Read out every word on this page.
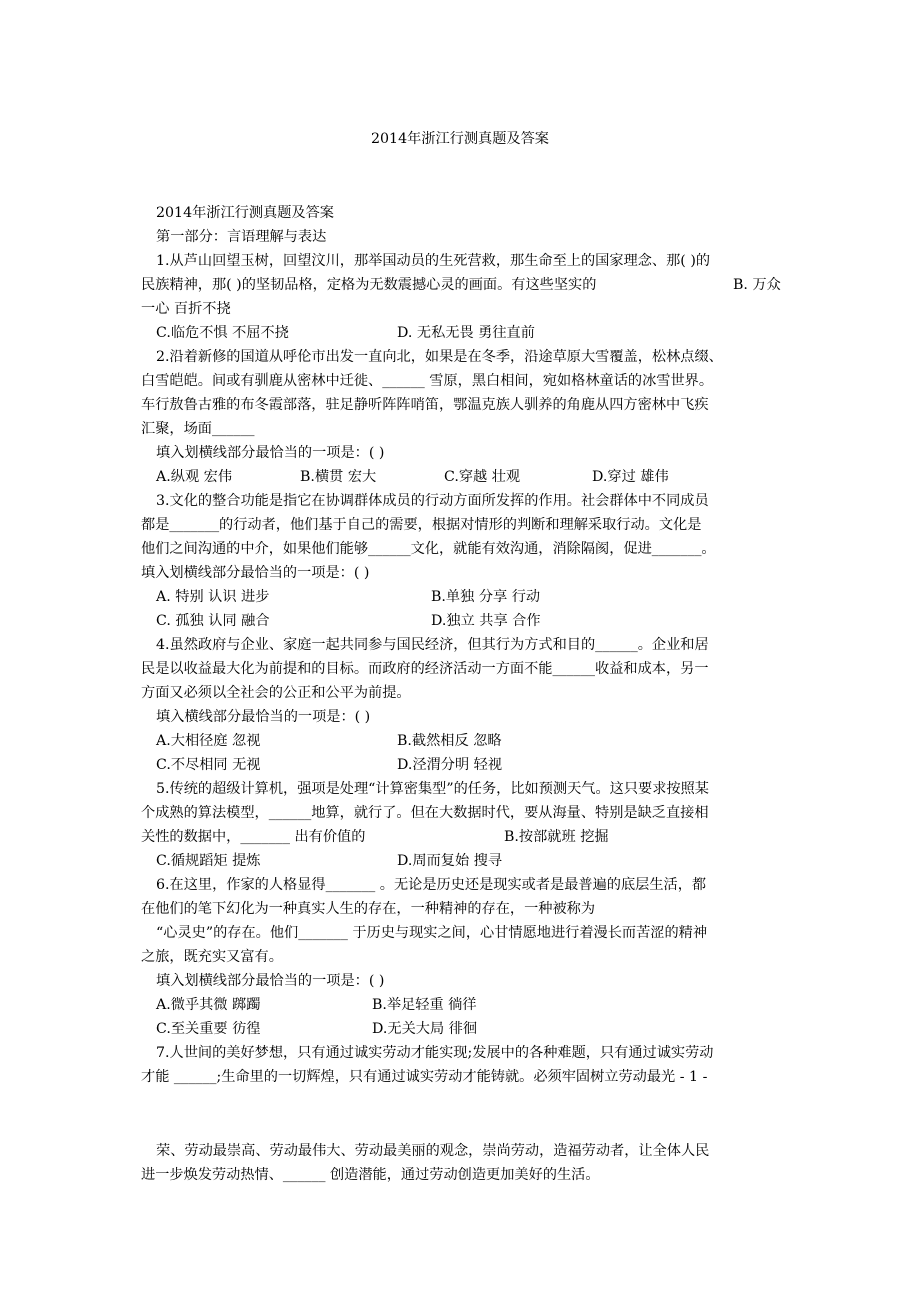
2014年浙江行测真题及答案
2014年浙江行测真题及答案
第一部分：言语理解与表达
1.从芦山回望玉树，回望汶川，那举国动员的生死营救，那生命至上的国家理念、那( )的
民族精神，那( )的坚韧品格，定格为无数震撼心灵的画面。有这些坚实的	B. 万众
一心 百折不挠
C.临危不惧 不屈不挠	D. 无私无畏 勇往直前
2.沿着新修的国道从呼伦市出发一直向北，如果是在冬季，沿途草原大雪覆盖，松林点缀、
白雪皑皑。间或有驯鹿从密林中迁徙、______ 雪原，黑白相间，宛如格林童话的冰雪世界。
车行敖鲁古雅的布冬霞部落，驻足静听阵阵哨笛，鄂温克族人驯养的角鹿从四方密林中飞疾
汇聚，场面______
填入划横线部分最恰当的一项是：( )
A.纵观 宏伟	B.横贯 宏大	C.穿越 壮观	D.穿过 雄伟
3.文化的整合功能是指它在协调群体成员的行动方面所发挥的作用。社会群体中不同成员
都是_______的行动者，他们基于自己的需要，根据对情形的判断和理解采取行动。文化是
他们之间沟通的中介，如果他们能够______文化，就能有效沟通，消除隔阂，促进_______。
填入划横线部分最恰当的一项是：( )
A. 特别 认识 进步	B.单独 分享 行动
C. 孤独 认同 融合	D.独立 共享 合作
4.虽然政府与企业、家庭一起共同参与国民经济，但其行为方式和目的______。企业和居
民是以收益最大化为前提和的目标。而政府的经济活动一方面不能______收益和成本，另一
方面又必须以全社会的公正和公平为前提。
填入横线部分最恰当的一项是：( )
A.大相径庭 忽视	B.截然相反 忽略
C.不尽相同 无视	D.泾渭分明 轻视
5.传统的超级计算机，强项是处理“计算密集型”的任务，比如预测天气。这只要求按照某
个成熟的算法模型，______地算，就行了。但在大数据时代，要从海量、特别是缺乏直接相
关性的数据中，_______ 出有价值的	B.按部就班 挖掘
C.循规蹈矩 提炼	D.周而复始 搜寻
6.在这里，作家的人格显得_______ 。无论是历史还是现实或者是最普遍的底层生活，都
在他们的笔下幻化为一种真实人生的存在，一种精神的存在，一种被称为
“心灵史”的存在。他们_______ 于历史与现实之间，心甘情愿地进行着漫长而苦涩的精神
之旅，既充实又富有。
填入划横线部分最恰当的一项是：( )
A.微乎其微 踯躅	B.举足轻重 徜徉
C.至关重要 彷徨	D.无关大局 徘徊
7.人世间的美好梦想，只有通过诚实劳动才能实现;发展中的各种难题，只有通过诚实劳动
才能 ______;生命里的一切辉煌，只有通过诚实劳动才能铸就。必须牢固树立劳动最光 - 1 -
荣、劳动最崇高、劳动最伟大、劳动最美丽的观念，崇尚劳动，造福劳动者，让全体人民
进一步焕发劳动热情、______ 创造潜能，通过劳动创造更加美好的生活。
